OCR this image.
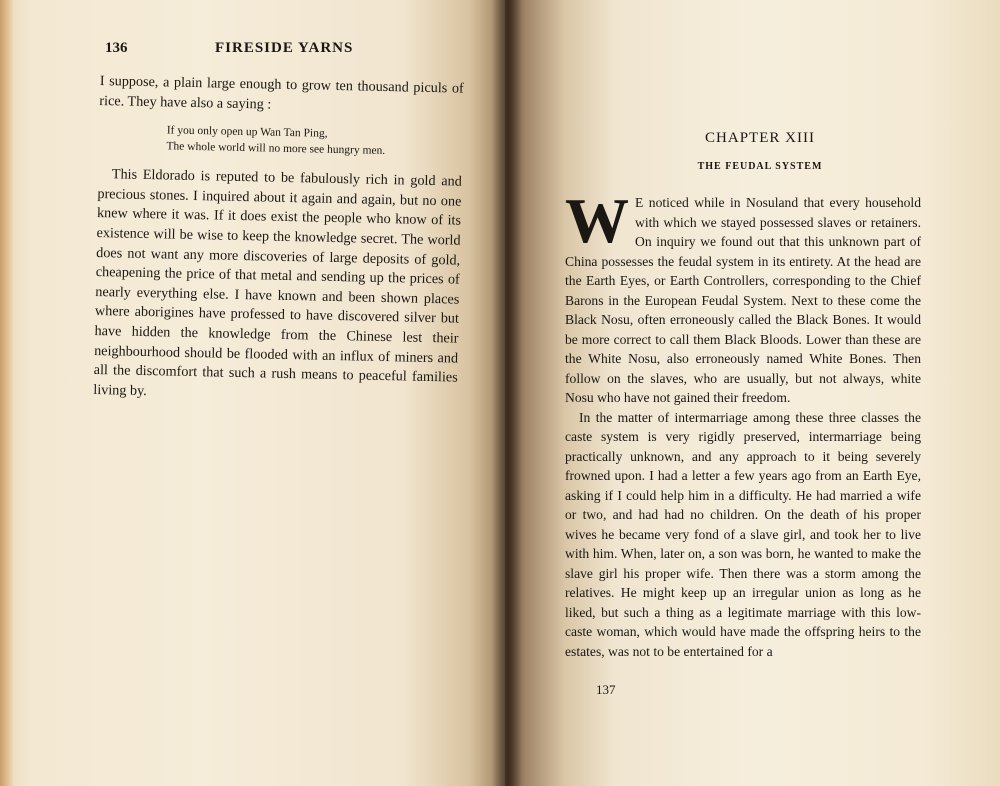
136	FIRESIDE YARNS

I suppose, a plain large enough to grow ten thousand piculs of rice. They have also a saying :

If you only open up Wan Tan Ping,
The whole world will no more see hungry men.

This Eldorado is reputed to be fabulously rich in gold and precious stones. I inquired about it again and again, but no one knew where it was. If it does exist the people who know of its existence will be wise to keep the knowledge secret. The world does not want any more discoveries of large deposits of gold, cheapening the price of that metal and sending up the prices of nearly everything else. I have known and been shown places where aborigines have professed to have discovered silver but have hidden the knowledge from the Chinese lest their neighbourhood should be flooded with an influx of miners and all the discomfort that such a rush means to peaceful families living by.

CHAPTER XIII
THE FEUDAL SYSTEM

W E noticed while in Nosuland that every household with which we stayed possessed slaves or retainers. On inquiry we found out that this unknown part of China possesses the feudal system in its entirety. At the head are the Earth Eyes, or Earth Controllers, corresponding to the Chief Barons in the European Feudal System. Next to these come the Black Nosu, often erroneously called the Black Bones. It would be more correct to call them Black Bloods. Lower than these are the White Nosu, also erroneously named White Bones. Then follow on the slaves, who are usually, but not always, white Nosu who have not gained their freedom.

In the matter of intermarriage among these three classes the caste system is very rigidly preserved, intermarriage being practically unknown, and any approach to it being severely frowned upon. I had a letter a few years ago from an Earth Eye, asking if I could help him in a difficulty. He had married a wife or two, and had had no children. On the death of his proper wives he became very fond of a slave girl, and took her to live with him. When, later on, a son was born, he wanted to make the slave girl his proper wife. Then there was a storm among the relatives. He might keep up an irregular union as long as he liked, but such a thing as a legitimate marriage with this low-caste woman, which would have made the offspring heirs to the estates, was not to be entertained for a

137
